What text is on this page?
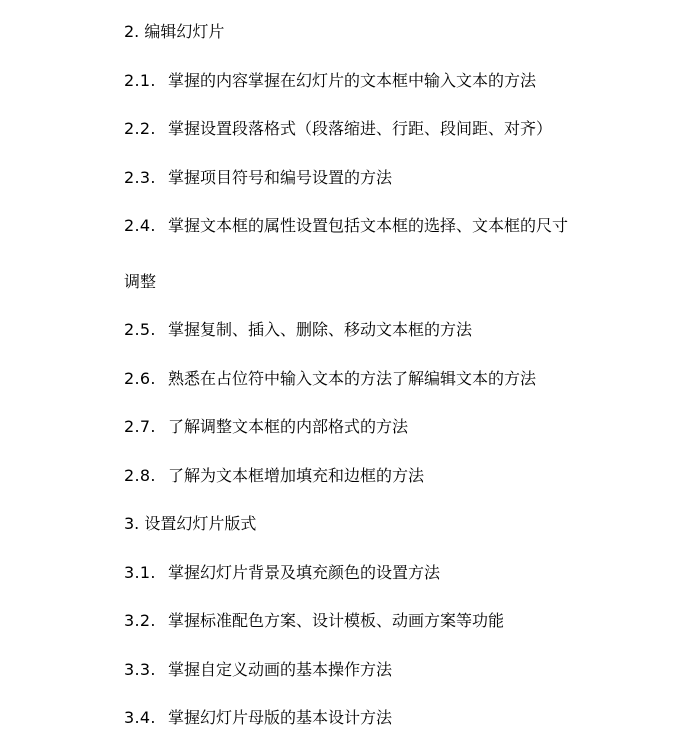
2. 编辑幻灯片
2.1. 掌握的内容掌握在幻灯片的文本框中输入文本的方法
2.2. 掌握设置段落格式（段落缩进、行距、段间距、对齐）
2.3. 掌握项目符号和编号设置的方法
2.4. 掌握文本框的属性设置包括文本框的选择、文本框的尺寸
调整
2.5. 掌握复制、插入、删除、移动文本框的方法
2.6. 熟悉在占位符中输入文本的方法了解编辑文本的方法
2.7. 了解调整文本框的内部格式的方法
2.8. 了解为文本框增加填充和边框的方法
3. 设置幻灯片版式
3.1. 掌握幻灯片背景及填充颜色的设置方法
3.2. 掌握标准配色方案、设计模板、动画方案等功能
3.3. 掌握自定义动画的基本操作方法
3.4. 掌握幻灯片母版的基本设计方法
